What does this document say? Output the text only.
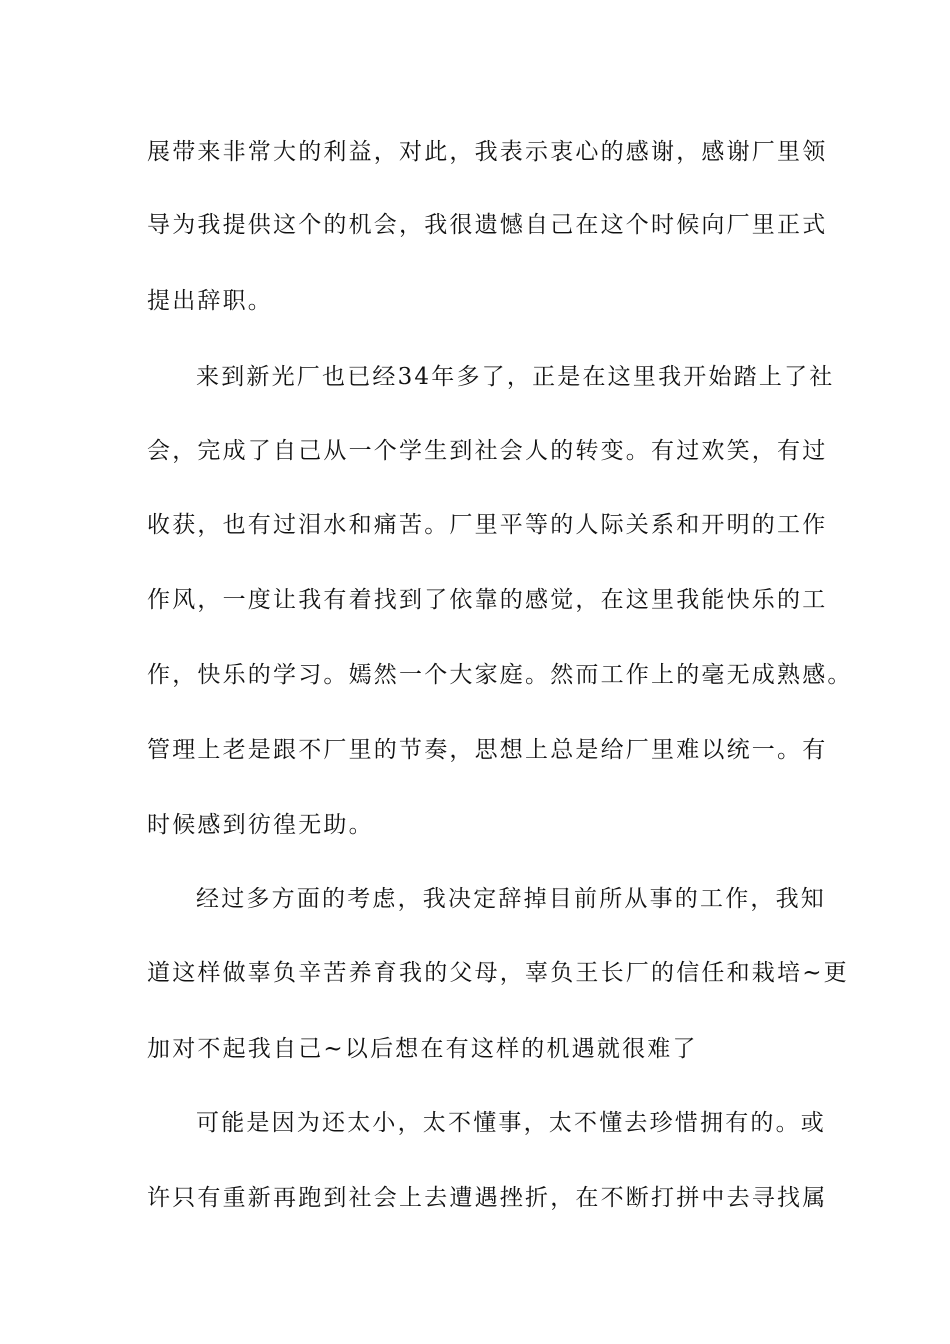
展带来非常大的利益，对此，我表示衷心的感谢，感谢厂里领
导为我提供这个的机会，我很遗憾自己在这个时候向厂里正式
提出辞职。
来到新光厂也已经34年多了，正是在这里我开始踏上了社
会，完成了自己从一个学生到社会人的转变。有过欢笑，有过
收获，也有过泪水和痛苦。厂里平等的人际关系和开明的工作
作风，一度让我有着找到了依靠的感觉，在这里我能快乐的工
作，快乐的学习。嫣然一个大家庭。然而工作上的毫无成熟感。
管理上老是跟不厂里的节奏，思想上总是给厂里难以统一。有
时候感到彷徨无助。
经过多方面的考虑，我决定辞掉目前所从事的工作，我知
道这样做辜负辛苦养育我的父母，辜负王长厂的信任和栽培~更
加对不起我自己~以后想在有这样的机遇就很难了
可能是因为还太小，太不懂事，太不懂去珍惜拥有的。或
许只有重新再跑到社会上去遭遇挫折，在不断打拼中去寻找属
